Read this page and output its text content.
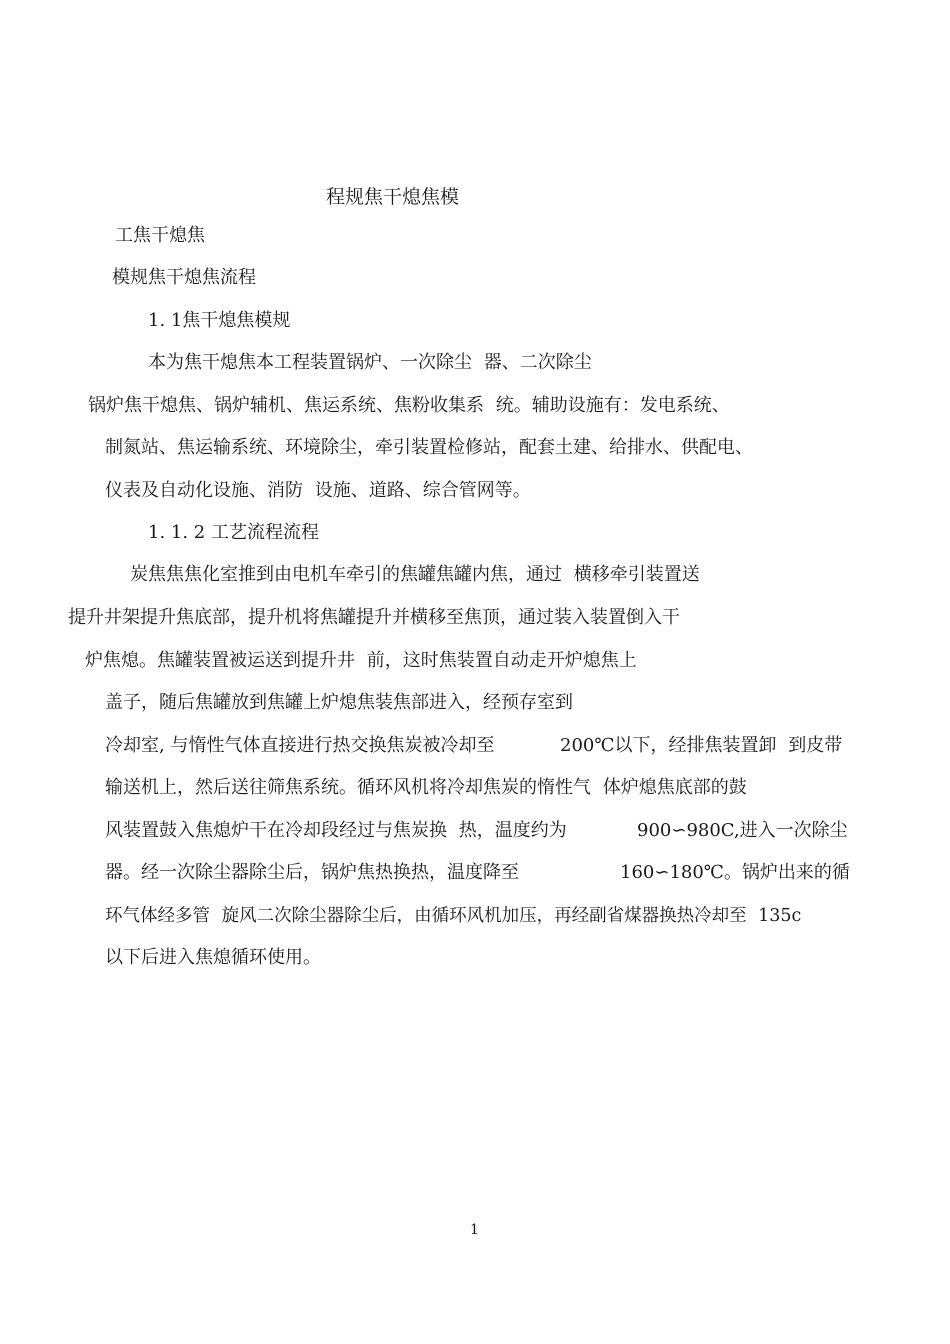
程规焦干熄焦模
工焦干熄焦
模规焦干熄焦流程
1. 1焦干熄焦模规
本为焦干熄焦本工程装置锅炉、一次除尘 器、二次除尘
锅炉焦干熄焦、锅炉辅机、焦运系统、焦粉收集系 统。辅助设施有：发电系统、
制氮站、焦运输系统、环境除尘，牵引装置检修站，配套土建、给排水、供配电、
仪表及自动化设施、消防 设施、道路、综合管网等。
1. 1. 2 工艺流程流程
炭焦焦焦化室推到由电机车牵引的焦罐焦罐内焦，通过 横移牵引装置送
提升井架提升焦底部，提升机将焦罐提升并横移至焦顶，通过装入装置倒入干
炉焦熄。焦罐装置被运送到提升井 前，这时焦装置自动走开炉熄焦上
盖子，随后焦罐放到焦罐上炉熄焦装焦部进入，经预存室到
冷却室, 与惰性气体直接进行热交换焦炭被冷却至	200℃以下，经排焦装置卸 到皮带
输送机上，然后送往筛焦系统。循环风机将冷却焦炭的惰性气 体炉熄焦底部的鼓
风装置鼓入焦熄炉干在冷却段经过与焦炭换 热，温度约为	900∽980C,进入一次除尘
器。经一次除尘器除尘后，锅炉焦热换热，温度降至	160∽180℃。锅炉出来的循
环气体经多管 旋风二次除尘器除尘后，由循环风机加压，再经副省煤器换热冷却至 135c
以下后进入焦熄循环使用。
1
